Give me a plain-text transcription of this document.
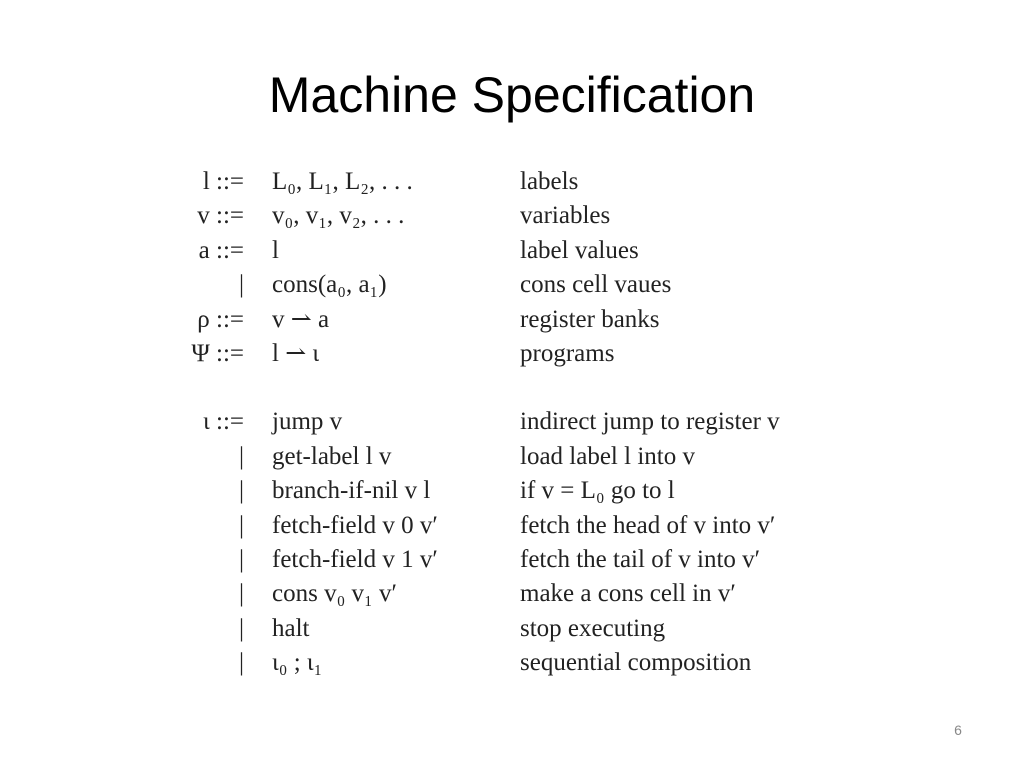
Machine Specification
l ::= L₀, L₁, L₂, . . .	labels
v ::= v₀, v₁, v₂, . . .	variables
a ::= l	label values
| cons(a₀, a₁)	cons cell vaues
ρ ::= v ⇀ a	register banks
Ψ ::= l ⇀ ι	programs
ι ::= jump v	indirect jump to register v
| get-label l v	load label l into v
| branch-if-nil v l	if v = L₀ go to l
| fetch-field v 0 v′	fetch the head of v into v′
| fetch-field v 1 v′	fetch the tail of v into v′
| cons v₀ v₁ v′	make a cons cell in v′
| halt	stop executing
| ι₀ ; ι₁	sequential composition
6
